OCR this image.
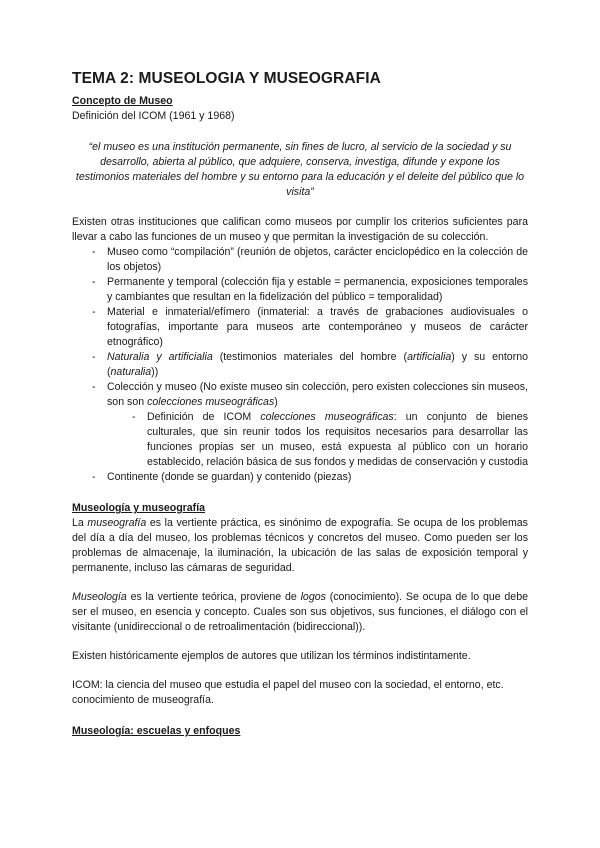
TEMA 2: MUSEOLOGIA Y MUSEOGRAFIA

Concepto de Museo

Definición del ICOM (1961 y 1968)

“el museo es una institución permanente, sin fines de lucro, al servicio de la sociedad y su desarrollo, abierta al público, que adquiere, conserva, investiga, difunde y expone los testimonios materiales del hombre y su entorno para la educación y el deleite del público que lo visita”

Existen otras instituciones que califican como museos por cumplir los criterios suficientes para llevar a cabo las funciones de un museo y que permitan la investigación de su colección.

- Museo como “compilación” (reunión de objetos, carácter enciclopédico en la colección de los objetos)
- Permanente y temporal (colección fija y estable = permanencia, exposiciones temporales y cambiantes que resultan en la fidelización del público = temporalidad)
- Material e inmaterial/efímero (inmaterial: a través de grabaciones audiovisuales o fotografías, importante para museos arte contemporáneo y museos de carácter etnográfico)
- Naturalia y artificialia (testimonios materiales del hombre (artificialia) y su entorno (naturalia))
- Colección y museo (No existe museo sin colección, pero existen colecciones sin museos, son son colecciones museográficas)
- Definición de ICOM colecciones museográficas: un conjunto de bienes culturales, que sin reunir todos los requisitos necesarios para desarrollar las funciones propias ser un museo, está expuesta al público con un horario establecido, relación básica de sus fondos y medidas de conservación y custodia
- Continente (donde se guardan) y contenido (piezas)

Museología y museografía

La museografía es la vertiente práctica, es sinónimo de expografía. Se ocupa de los problemas del día a día del museo, los problemas técnicos y concretos del museo. Como pueden ser los problemas de almacenaje, la iluminación, la ubicación de las salas de exposición temporal y permanente, incluso las cámaras de seguridad.

Museología es la vertiente teórica, proviene de logos (conocimiento). Se ocupa de lo que debe ser el museo, en esencia y concepto. Cuales son sus objetivos, sus funciones, el diálogo con el visitante (unidireccional o de retroalimentación (bidireccional)).

Existen históricamente ejemplos de autores que utilizan los términos indistintamente.

ICOM: la ciencia del museo que estudia el papel del museo con la sociedad, el entorno, etc.

conocimiento de museografía.

Museología: escuelas y enfoques
